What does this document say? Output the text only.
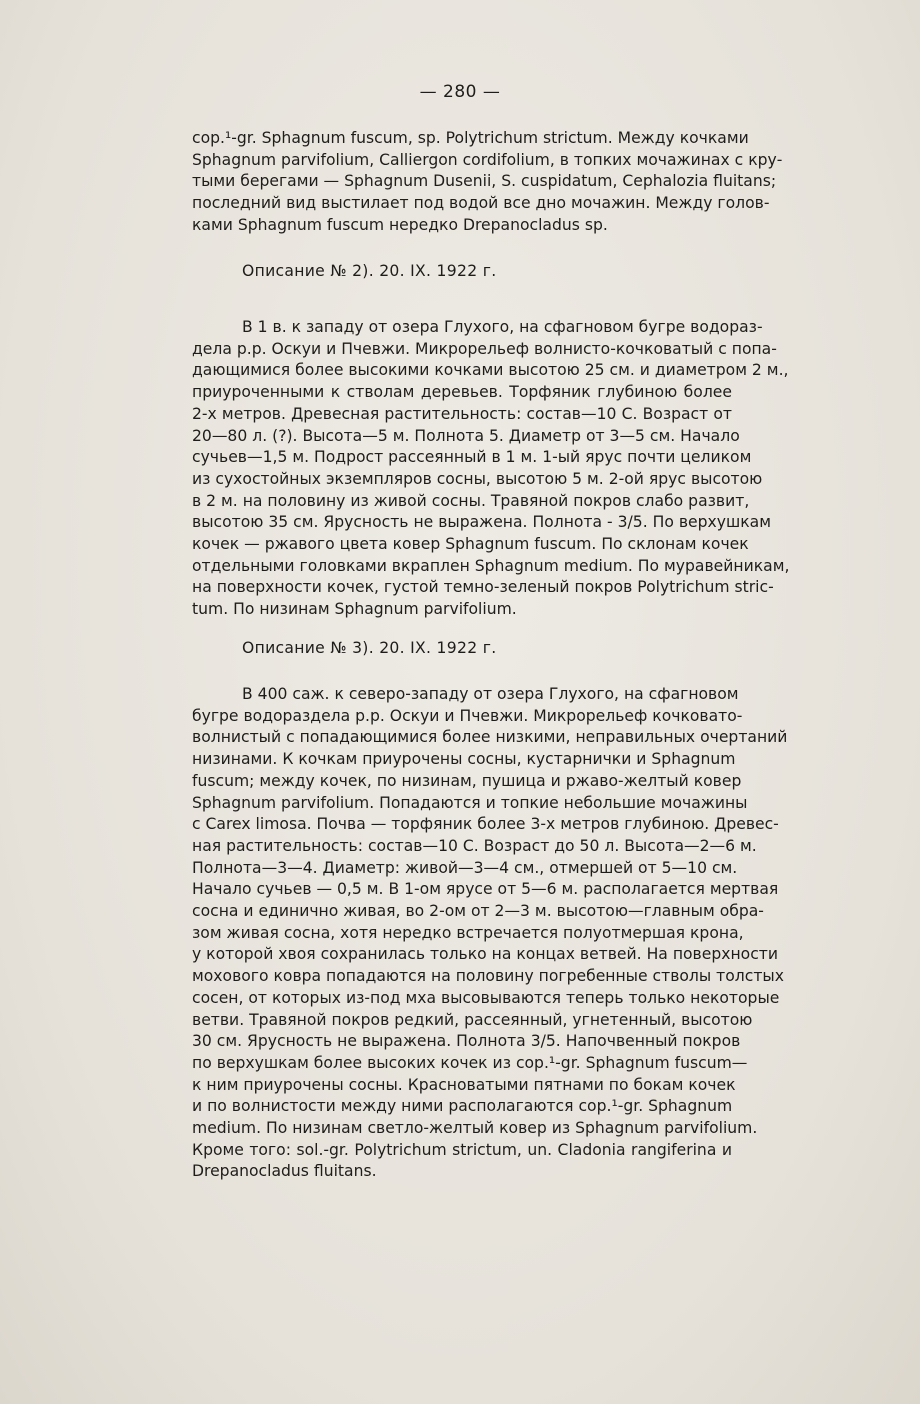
— 280 —
cop.¹-gr. Sphagnum fuscum, sp. Polytrichum strictum. Между кочками
Sphagnum parvifolium, Calliergon cordifolium, в топких мочажинах с кру-
тыми берегами — Sphagnum Dusenii, S. cuspidatum, Cephalozia fluitans;
последний вид выстилает под водой все дно мочажин. Между голов-
ками Sphagnum fuscum нередко Drepanocladus sp.
Описание № 2). 20. IX. 1922 г.
В 1 в. к западу от озера Глухого, на сфагновом бугре водораз-
дела р.р. Оскуи и Пчевжи. Микрорельеф волнисто-кочковатый с попа-
дающимися более высокими кочками высотою 25 см. и диаметром 2 м.,
приуроченными к стволам деревьев. Торфяник глубиною более
2-х метров. Древесная растительность: состав—10 С. Возраст от
20—80 л. (?). Высота—5 м. Полнота 5. Диаметр от 3—5 см. Начало
сучьев—1,5 м. Подрост рассеянный в 1 м. 1-ый ярус почти целиком
из сухостойных экземпляров сосны, высотою 5 м. 2-ой ярус высотою
в 2 м. на половину из живой сосны. Травяной покров слабо развит,
высотою 35 см. Ярусность не выражена. Полнота - 3/5. По верхушкам
кочек — ржавого цвета ковер Sphagnum fuscum. По склонам кочек
отдельными головками вкраплен Sphagnum medium. По муравейникам,
на поверхности кочек, густой темно-зеленый покров Polytrichum stric-
tum. По низинам Sphagnum parvifolium.
Описание № 3). 20. IX. 1922 г.
В 400 саж. к северо-западу от озера Глухого, на сфагновом
бугре водораздела р.р. Оскуи и Пчевжи. Микрорельеф кочковато-
волнистый с попадающимися более низкими, неправильных очертаний
низинами. К кочкам приурочены сосны, кустарнички и Sphagnum
fuscum; между кочек, по низинам, пушица и ржаво-желтый ковер
Sphagnum parvifolium. Попадаются и топкие небольшие мочажины
с Carex limosa. Почва — торфяник более 3-х метров глубиною. Древес-
ная растительность: состав—10 С. Возраст до 50 л. Высота—2—6 м.
Полнота—3—4. Диаметр: живой—3—4 см., отмершей от 5—10 см.
Начало сучьев — 0,5 м. В 1-ом ярусе от 5—6 м. располагается мертвая
сосна и единично живая, во 2-ом от 2—3 м. высотою—главным обра-
зом живая сосна, хотя нередко встречается полуотмершая крона,
у которой хвоя сохранилась только на концах ветвей. На поверхности
мохового ковра попадаются на половину погребенные стволы толстых
сосен, от которых из-под мха высовываются теперь только некоторые
ветви. Травяной покров редкий, рассеянный, угнетенный, высотою
30 см. Ярусность не выражена. Полнота 3/5. Напочвенный покров
по верхушкам более высоких кочек из cop.¹-gr. Sphagnum fuscum—
к ним приурочены сосны. Красноватыми пятнами по бокам кочек
и по волнистости между ними располагаются cop.¹-gr. Sphagnum
medium. По низинам светло-желтый ковер из Sphagnum parvifolium.
Кроме того: sol.-gr. Polytrichum strictum, un. Cladonia rangiferina и
Drepanocladus fluitans.
